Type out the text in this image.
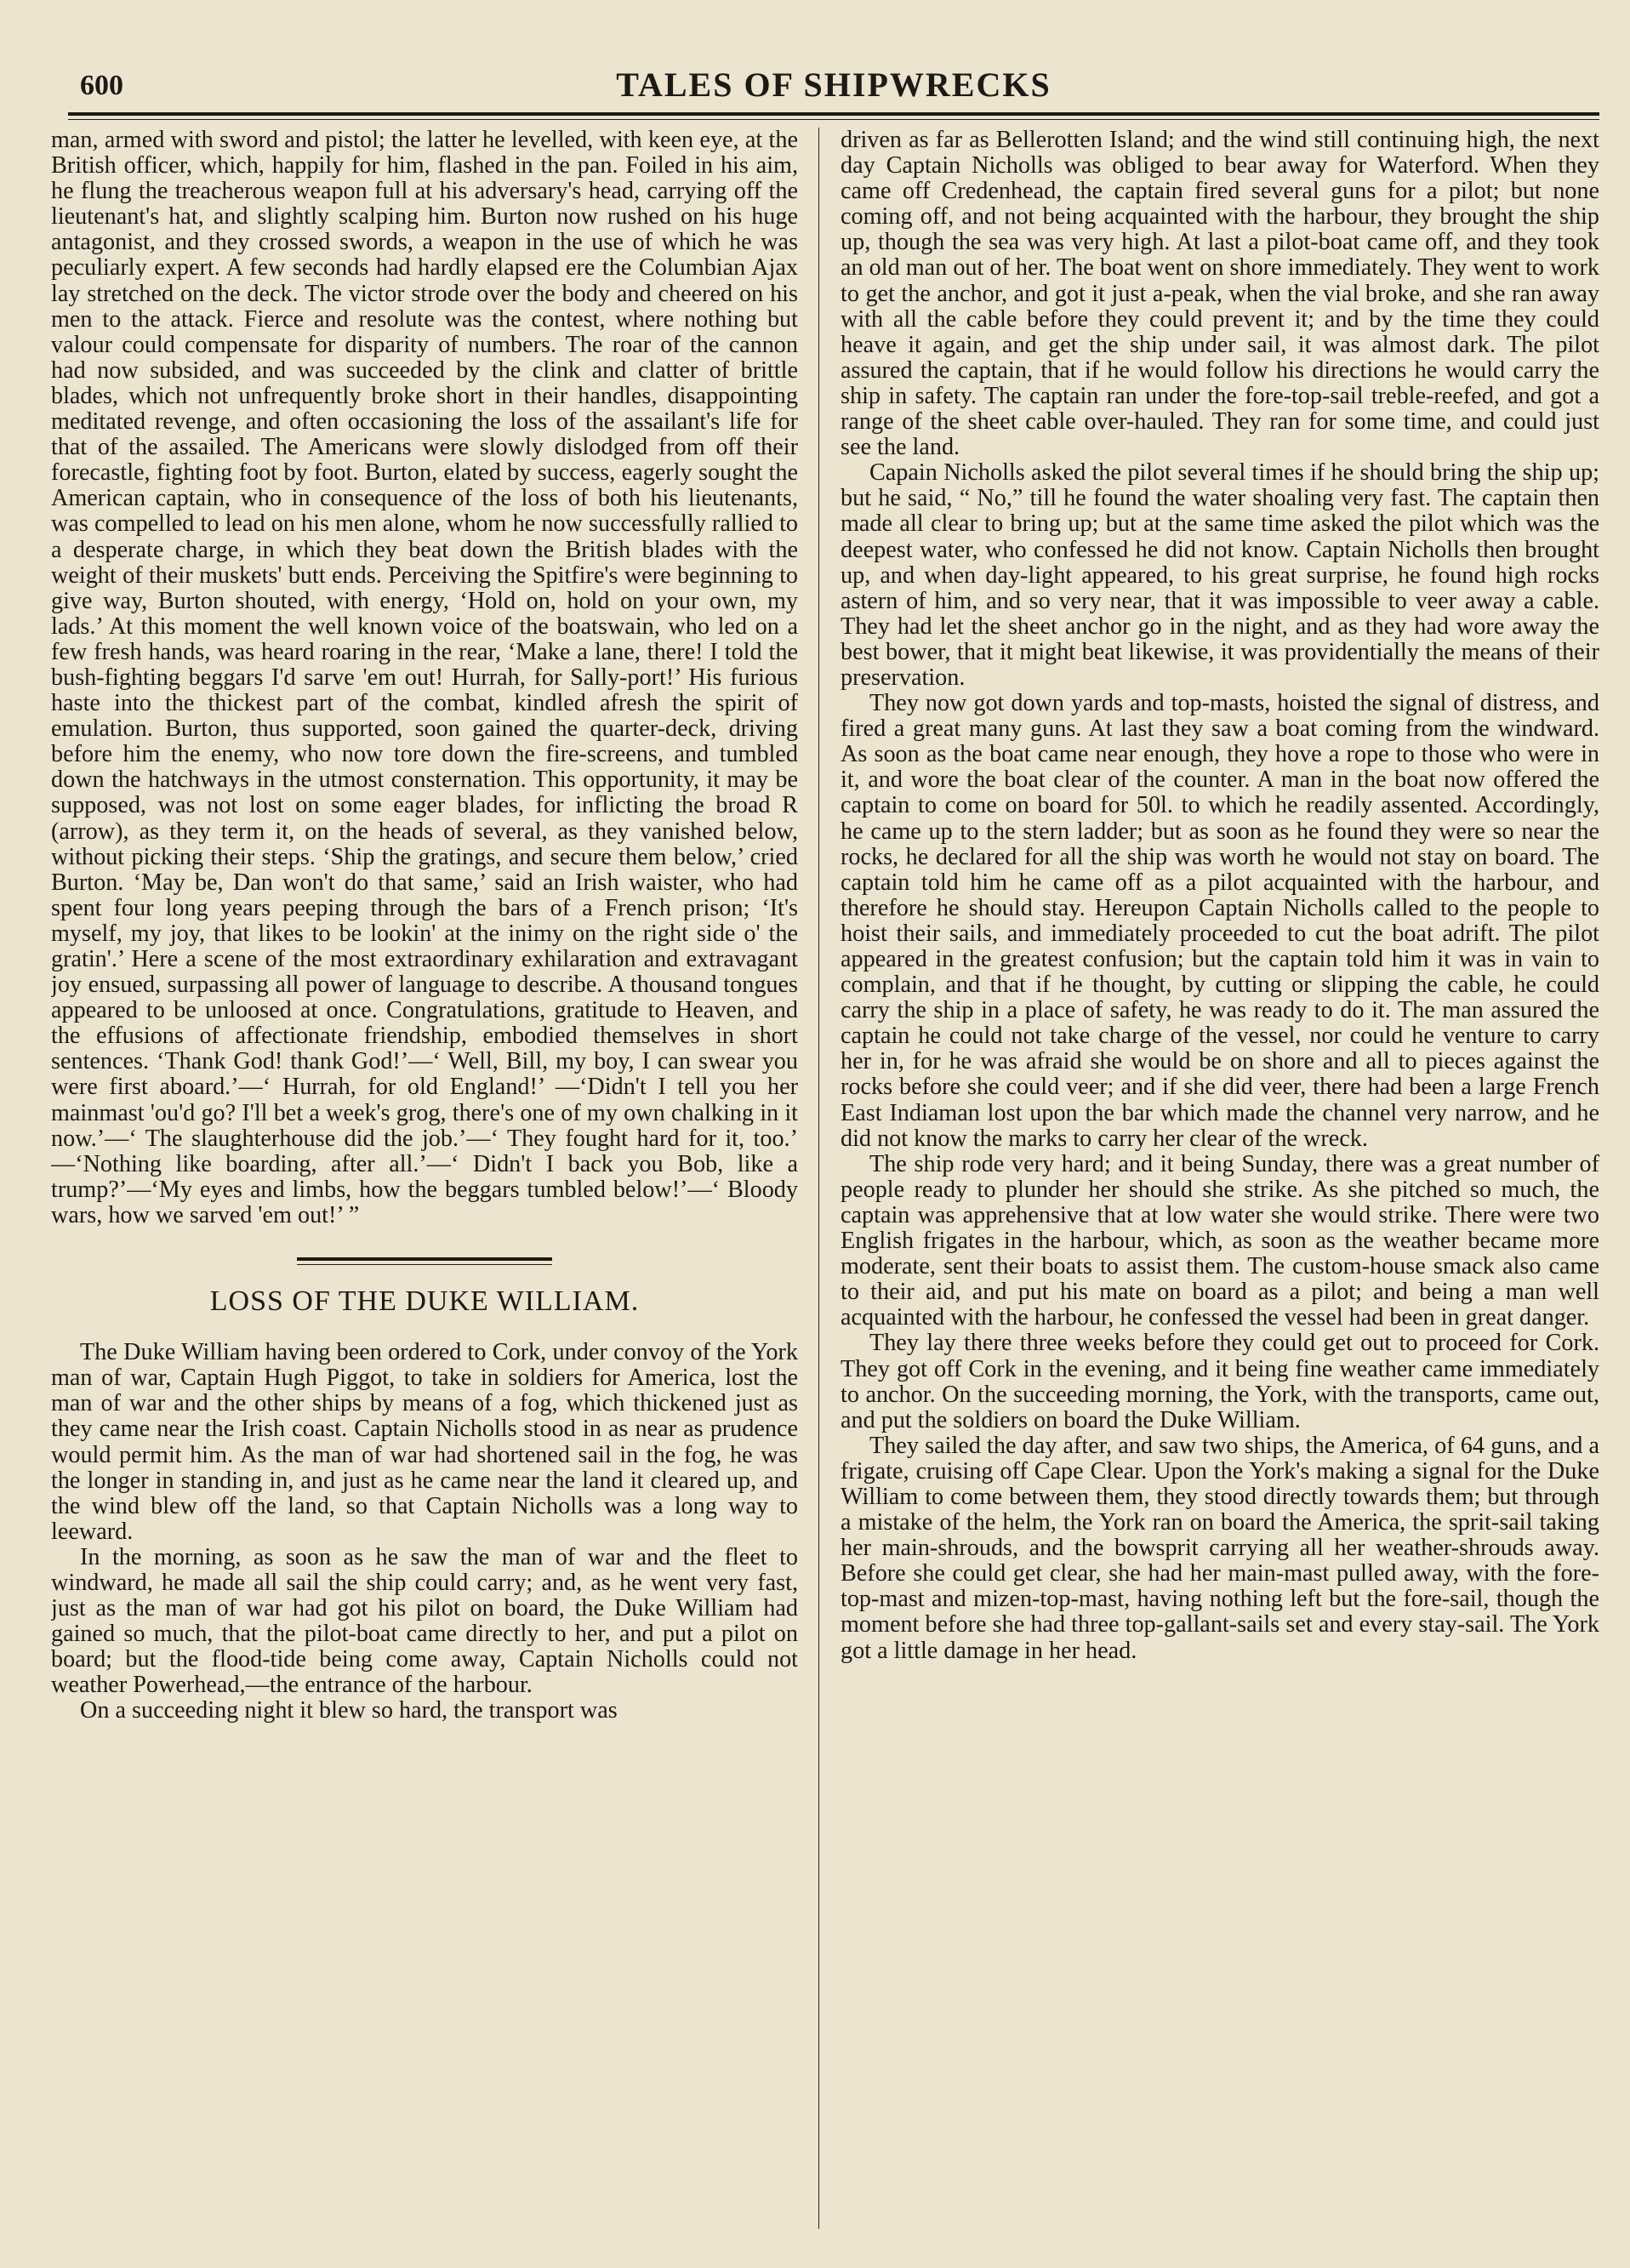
600	TALES OF SHIPWRECKS

man, armed with sword and pistol; the latter he levelled, with keen eye, at the British officer, which, happily for him, flashed in the pan. Foiled in his aim, he flung the treacherous weapon full at his adversary's head, carrying off the lieutenant's hat, and slightly scalping him. Burton now rushed on his huge antagonist, and they crossed swords, a weapon in the use of which he was peculiarly expert. A few seconds had hardly elapsed ere the Columbian Ajax lay stretched on the deck. The victor strode over the body and cheered on his men to the attack. Fierce and resolute was the contest, where nothing but valour could compensate for disparity of numbers. The roar of the cannon had now subsided, and was succeeded by the clink and clatter of brittle blades, which not unfrequently broke short in their handles, disappointing meditated revenge, and often occasioning the loss of the assailant's life for that of the assailed. The Americans were slowly dislodged from off their forecastle, fighting foot by foot. Burton, elated by success, eagerly sought the American captain, who in consequence of the loss of both his lieutenants, was compelled to lead on his men alone, whom he now successfully rallied to a desperate charge, in which they beat down the British blades with the weight of their muskets' butt ends. Perceiving the Spitfire's were beginning to give way, Burton shouted, with energy, ‘Hold on, hold on your own, my lads.’ At this moment the well known voice of the boatswain, who led on a few fresh hands, was heard roaring in the rear, ‘Make a lane, there! I told the bush-fighting beggars I'd sarve 'em out! Hurrah, for Sally-port!’ His furious haste into the thickest part of the combat, kindled afresh the spirit of emulation. Burton, thus supported, soon gained the quarter-deck, driving before him the enemy, who now tore down the fire-screens, and tumbled down the hatchways in the utmost consternation. This opportunity, it may be supposed, was not lost on some eager blades, for inflicting the broad R (arrow), as they term it, on the heads of several, as they vanished below, without picking their steps. ‘Ship the gratings, and secure them below,’ cried Burton. ‘May be, Dan won't do that same,’ said an Irish waister, who had spent four long years peeping through the bars of a French prison; ‘It's myself, my joy, that likes to be lookin' at the inimy on the right side o' the gratin'.’ Here a scene of the most extraordinary exhilaration and extravagant joy ensued, surpassing all power of language to describe. A thousand tongues appeared to be unloosed at once. Congratulations, gratitude to Heaven, and the effusions of affectionate friendship, embodied themselves in short sentences. ‘Thank God! thank God!’—‘ Well, Bill, my boy, I can swear you were first aboard.’—‘ Hurrah, for old England!’ —‘Didn't I tell you her mainmast 'ou'd go? I'll bet a week's grog, there's one of my own chalking in it now.’—‘ The slaughterhouse did the job.’—‘ They fought hard for it, too.’ —‘Nothing like boarding, after all.’—‘ Didn't I back you Bob, like a trump?’—‘My eyes and limbs, how the beggars tumbled below!’—‘ Bloody wars, how we sarved 'em out!’ ”

LOSS OF THE DUKE WILLIAM.

The Duke William having been ordered to Cork, under convoy of the York man of war, Captain Hugh Piggot, to take in soldiers for America, lost the man of war and the other ships by means of a fog, which thickened just as they came near the Irish coast. Captain Nicholls stood in as near as prudence would permit him. As the man of war had shortened sail in the fog, he was the longer in standing in, and just as he came near the land it cleared up, and the wind blew off the land, so that Captain Nicholls was a long way to leeward.

In the morning, as soon as he saw the man of war and the fleet to windward, he made all sail the ship could carry; and, as he went very fast, just as the man of war had got his pilot on board, the Duke William had gained so much, that the pilot-boat came directly to her, and put a pilot on board; but the flood-tide being come away, Captain Nicholls could not weather Powerhead,—the entrance of the harbour.

On a succeeding night it blew so hard, the transport was

driven as far as Bellerotten Island; and the wind still continuing high, the next day Captain Nicholls was obliged to bear away for Waterford. When they came off Credenhead, the captain fired several guns for a pilot; but none coming off, and not being acquainted with the harbour, they brought the ship up, though the sea was very high. At last a pilot-boat came off, and they took an old man out of her. The boat went on shore immediately. They went to work to get the anchor, and got it just a-peak, when the vial broke, and she ran away with all the cable before they could prevent it; and by the time they could heave it again, and get the ship under sail, it was almost dark. The pilot assured the captain, that if he would follow his directions he would carry the ship in safety. The captain ran under the fore-top-sail treble-reefed, and got a range of the sheet cable over-hauled. They ran for some time, and could just see the land.

Capain Nicholls asked the pilot several times if he should bring the ship up; but he said, “ No,” till he found the water shoaling very fast. The captain then made all clear to bring up; but at the same time asked the pilot which was the deepest water, who confessed he did not know. Captain Nicholls then brought up, and when day-light appeared, to his great surprise, he found high rocks astern of him, and so very near, that it was impossible to veer away a cable. They had let the sheet anchor go in the night, and as they had wore away the best bower, that it might beat likewise, it was providentially the means of their preservation.

They now got down yards and top-masts, hoisted the signal of distress, and fired a great many guns. At last they saw a boat coming from the windward. As soon as the boat came near enough, they hove a rope to those who were in it, and wore the boat clear of the counter. A man in the boat now offered the captain to come on board for 50l. to which he readily assented. Accordingly, he came up to the stern ladder; but as soon as he found they were so near the rocks, he declared for all the ship was worth he would not stay on board. The captain told him he came off as a pilot acquainted with the harbour, and therefore he should stay. Hereupon Captain Nicholls called to the people to hoist their sails, and immediately proceeded to cut the boat adrift. The pilot appeared in the greatest confusion; but the captain told him it was in vain to complain, and that if he thought, by cutting or slipping the cable, he could carry the ship in a place of safety, he was ready to do it. The man assured the captain he could not take charge of the vessel, nor could he venture to carry her in, for he was afraid she would be on shore and all to pieces against the rocks before she could veer; and if she did veer, there had been a large French East Indiaman lost upon the bar which made the channel very narrow, and he did not know the marks to carry her clear of the wreck.

The ship rode very hard; and it being Sunday, there was a great number of people ready to plunder her should she strike. As she pitched so much, the captain was apprehensive that at low water she would strike. There were two English frigates in the harbour, which, as soon as the weather became more moderate, sent their boats to assist them. The custom-house smack also came to their aid, and put his mate on board as a pilot; and being a man well acquainted with the harbour, he confessed the vessel had been in great danger.

They lay there three weeks before they could get out to proceed for Cork. They got off Cork in the evening, and it being fine weather came immediately to anchor. On the succeeding morning, the York, with the transports, came out, and put the soldiers on board the Duke William.

They sailed the day after, and saw two ships, the America, of 64 guns, and a frigate, cruising off Cape Clear. Upon the York's making a signal for the Duke William to come between them, they stood directly towards them; but through a mistake of the helm, the York ran on board the America, the sprit-sail taking her main-shrouds, and the bowsprit carrying all her weather-shrouds away. Before she could get clear, she had her main-mast pulled away, with the fore-top-mast and mizen-top-mast, having nothing left but the fore-sail, though the moment before she had three top-gallant-sails set and every stay-sail. The York got a little damage in her head.
